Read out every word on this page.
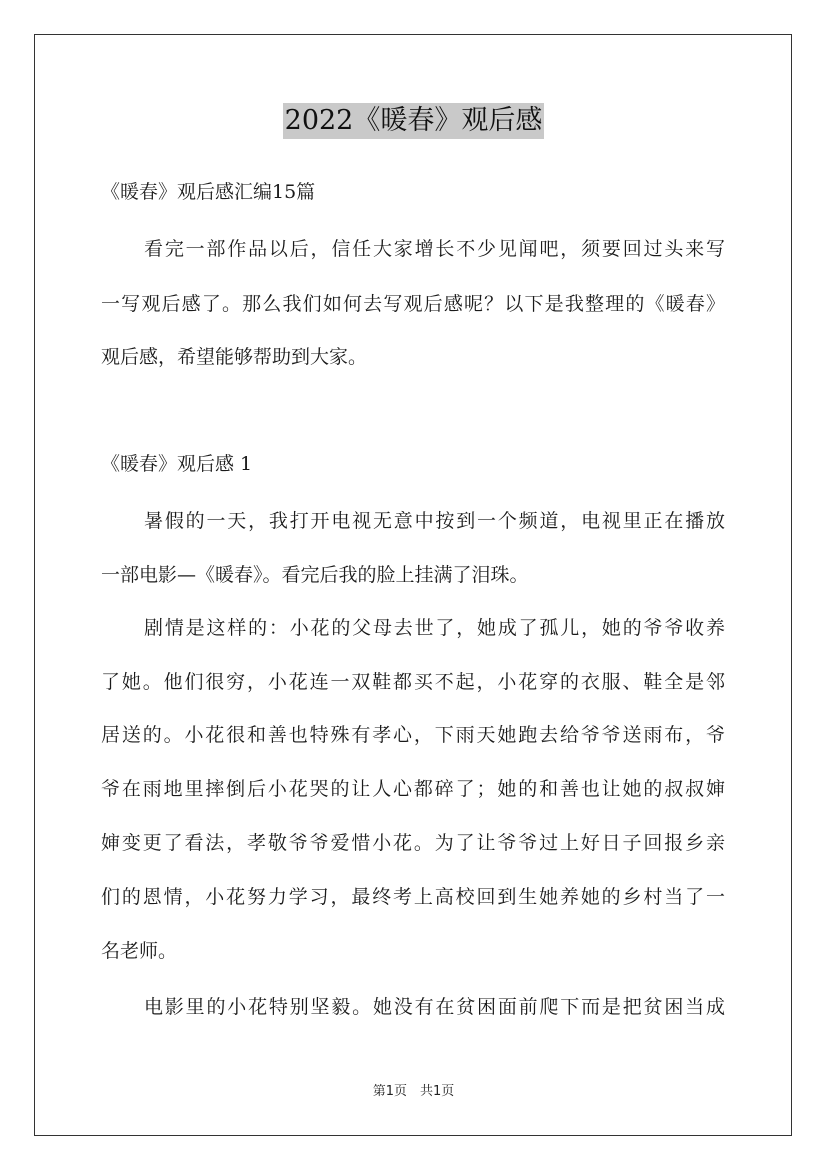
2022《暖春》观后感
《暖春》观后感汇编15篇
看完一部作品以后，信任大家增长不少见闻吧，须要回过头来写
一写观后感了。那么我们如何去写观后感呢？以下是我整理的《暖春》
观后感，希望能够帮助到大家。
《暖春》观后感 1
暑假的一天，我打开电视无意中按到一个频道，电视里正在播放
一部电影—《暖春》。看完后我的脸上挂满了泪珠。
剧情是这样的：小花的父母去世了，她成了孤儿，她的爷爷收养
了她。他们很穷，小花连一双鞋都买不起，小花穿的衣服、鞋全是邻
居送的。小花很和善也特殊有孝心，下雨天她跑去给爷爷送雨布，爷
爷在雨地里摔倒后小花哭的让人心都碎了；她的和善也让她的叔叔婶
婶变更了看法，孝敬爷爷爱惜小花。为了让爷爷过上好日子回报乡亲
们的恩情，小花努力学习，最终考上高校回到生她养她的乡村当了一
名老师。
电影里的小花特别坚毅。她没有在贫困面前爬下而是把贫困当成
第1页　共1页
